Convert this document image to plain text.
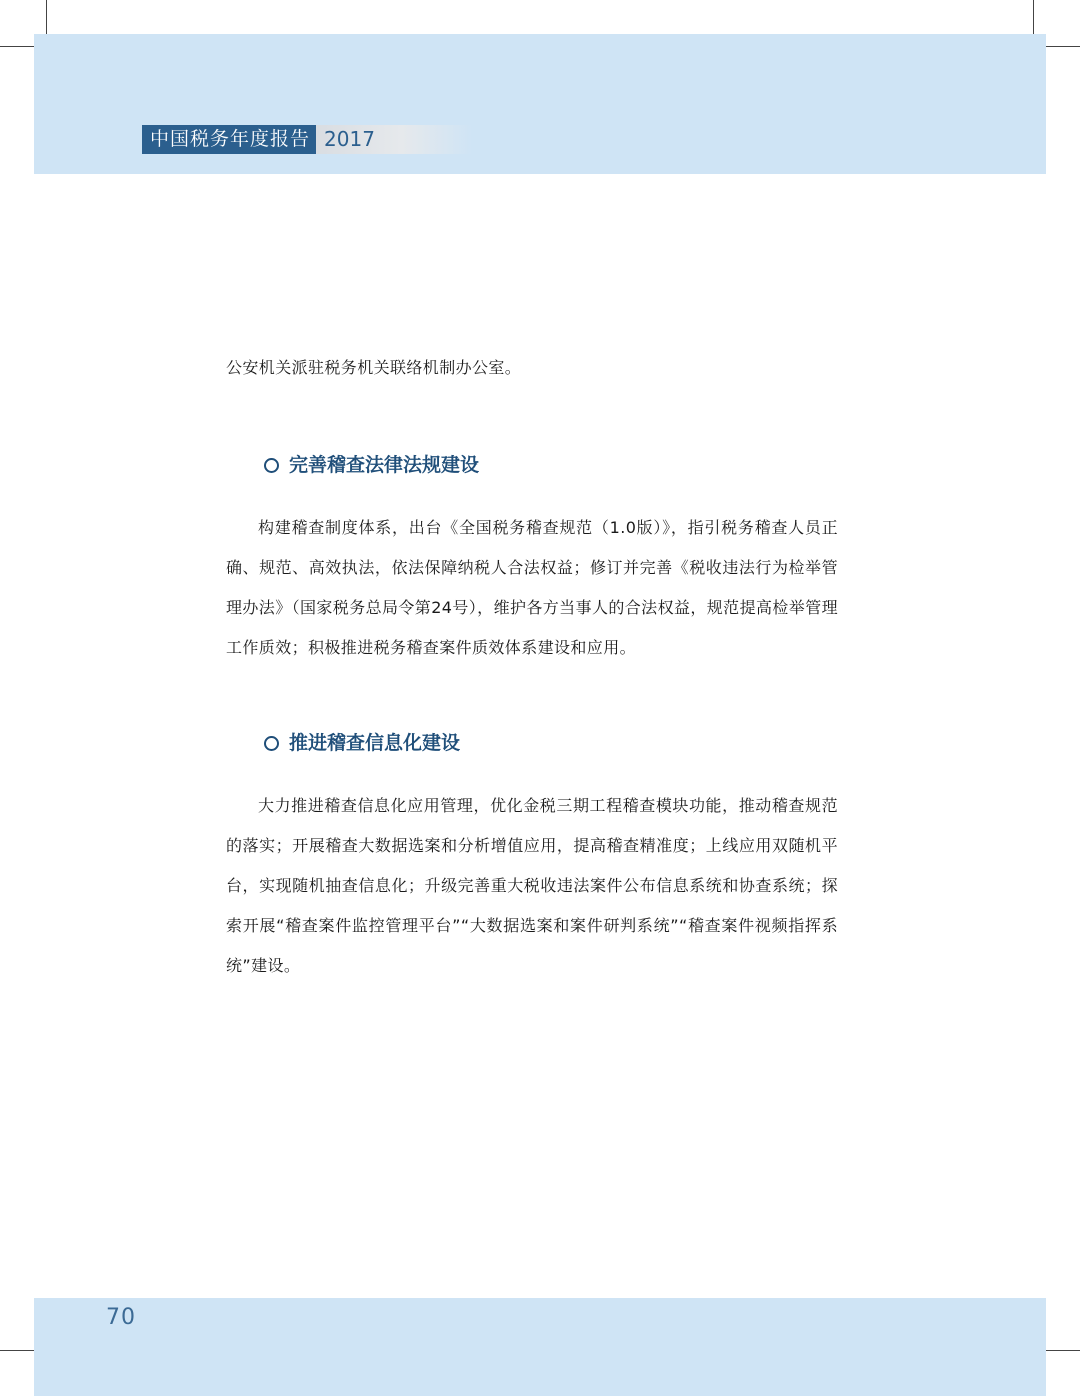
中国税务年度报告 2017

公安机关派驻税务机关联络机制办公室。

完善稽查法律法规建设

构建稽查制度体系，出台《全国税务稽查规范（1.0版）》，指引税务稽查人员正确、规范、高效执法，依法保障纳税人合法权益；修订并完善《税收违法行为检举管理办法》（国家税务总局令第24号），维护各方当事人的合法权益，规范提高检举管理工作质效；积极推进税务稽查案件质效体系建设和应用。

推进稽查信息化建设

大力推进稽查信息化应用管理，优化金税三期工程稽查模块功能，推动稽查规范的落实；开展稽查大数据选案和分析增值应用，提高稽查精准度；上线应用双随机平台，实现随机抽查信息化；升级完善重大税收违法案件公布信息系统和协查系统；探索开展“稽查案件监控管理平台”“大数据选案和案件研判系统”“稽查案件视频指挥系统”建设。

70
